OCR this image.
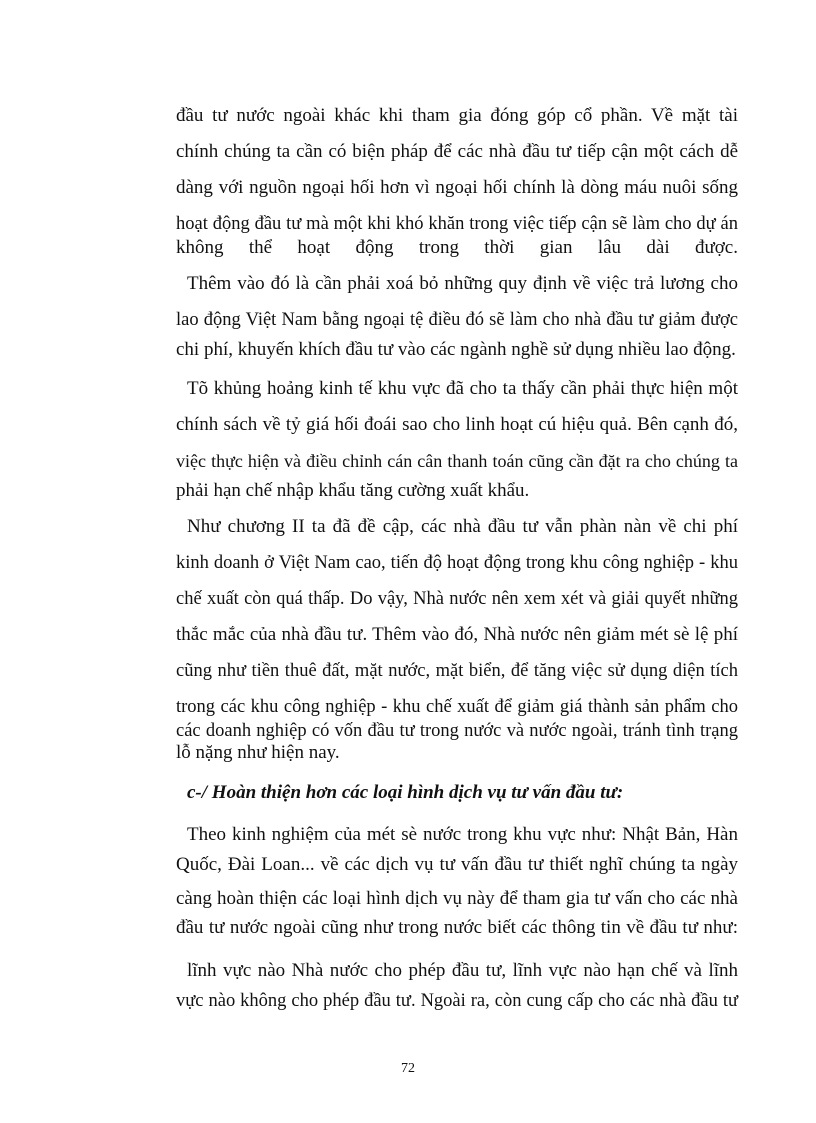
đầu tư nước ngoài khác khi tham gia đóng góp cổ phần. Về mặt tài
chính chúng ta cần có biện pháp để các nhà đầu tư tiếp cận một cách dễ
dàng với nguồn ngoại hối hơn vì ngoại hối chính là dòng máu nuôi sống
hoạt động đầu tư mà một khi khó khăn trong việc tiếp cận sẽ làm cho dự án
không thể hoạt động trong thời gian lâu dài được.
Thêm vào đó là cần phải xoá bỏ những quy định về việc trả lương cho
lao động Việt Nam bằng ngoại tệ điều đó sẽ làm cho nhà đầu tư giảm được
chi phí, khuyến khích đầu tư vào các ngành nghề sử dụng nhiều lao động.
Tõ khủng hoảng kinh tế khu vực đã cho ta thấy cần phải thực hiện một
chính sách về tỷ giá hối đoái sao cho linh hoạt cú hiệu quả. Bên cạnh đó,
việc thực hiện và điều chỉnh cán cân thanh toán cũng cần đặt ra cho chúng ta
phải hạn chế nhập khẩu tăng cường xuất khẩu.
Như chương II ta đã đề cập, các nhà đầu tư vẫn phàn nàn về chi phí
kinh doanh ở Việt Nam cao, tiến độ hoạt động trong khu công nghiệp - khu
chế xuất còn quá thấp. Do vậy, Nhà nước nên xem xét và giải quyết những
thắc mắc của nhà đầu tư. Thêm vào đó, Nhà nước nên giảm mét sè lệ phí
cũng như tiền thuê đất, mặt nước, mặt biển, để tăng việc sử dụng diện tích
trong các khu công nghiệp - khu chế xuất để giảm giá thành sản phẩm cho
các doanh nghiệp có vốn đầu tư trong nước và nước ngoài, tránh tình trạng
lỗ nặng như hiện nay.
c-/ Hoàn thiện hơn các loại hình dịch vụ tư vấn đầu tư:
Theo kinh nghiệm của mét sè nước trong khu vực như: Nhật Bản, Hàn
Quốc, Đài Loan... về các dịch vụ tư vấn đầu tư thiết nghĩ chúng ta ngày
càng hoàn thiện các loại hình dịch vụ này để tham gia tư vấn cho các nhà
đầu tư nước ngoài cũng như trong nước biết các thông tin về đầu tư như:
lĩnh vực nào Nhà nước cho phép đầu tư, lĩnh vực nào hạn chế và lĩnh
vực nào không cho phép đầu tư. Ngoài ra, còn cung cấp cho các nhà đầu tư
72
